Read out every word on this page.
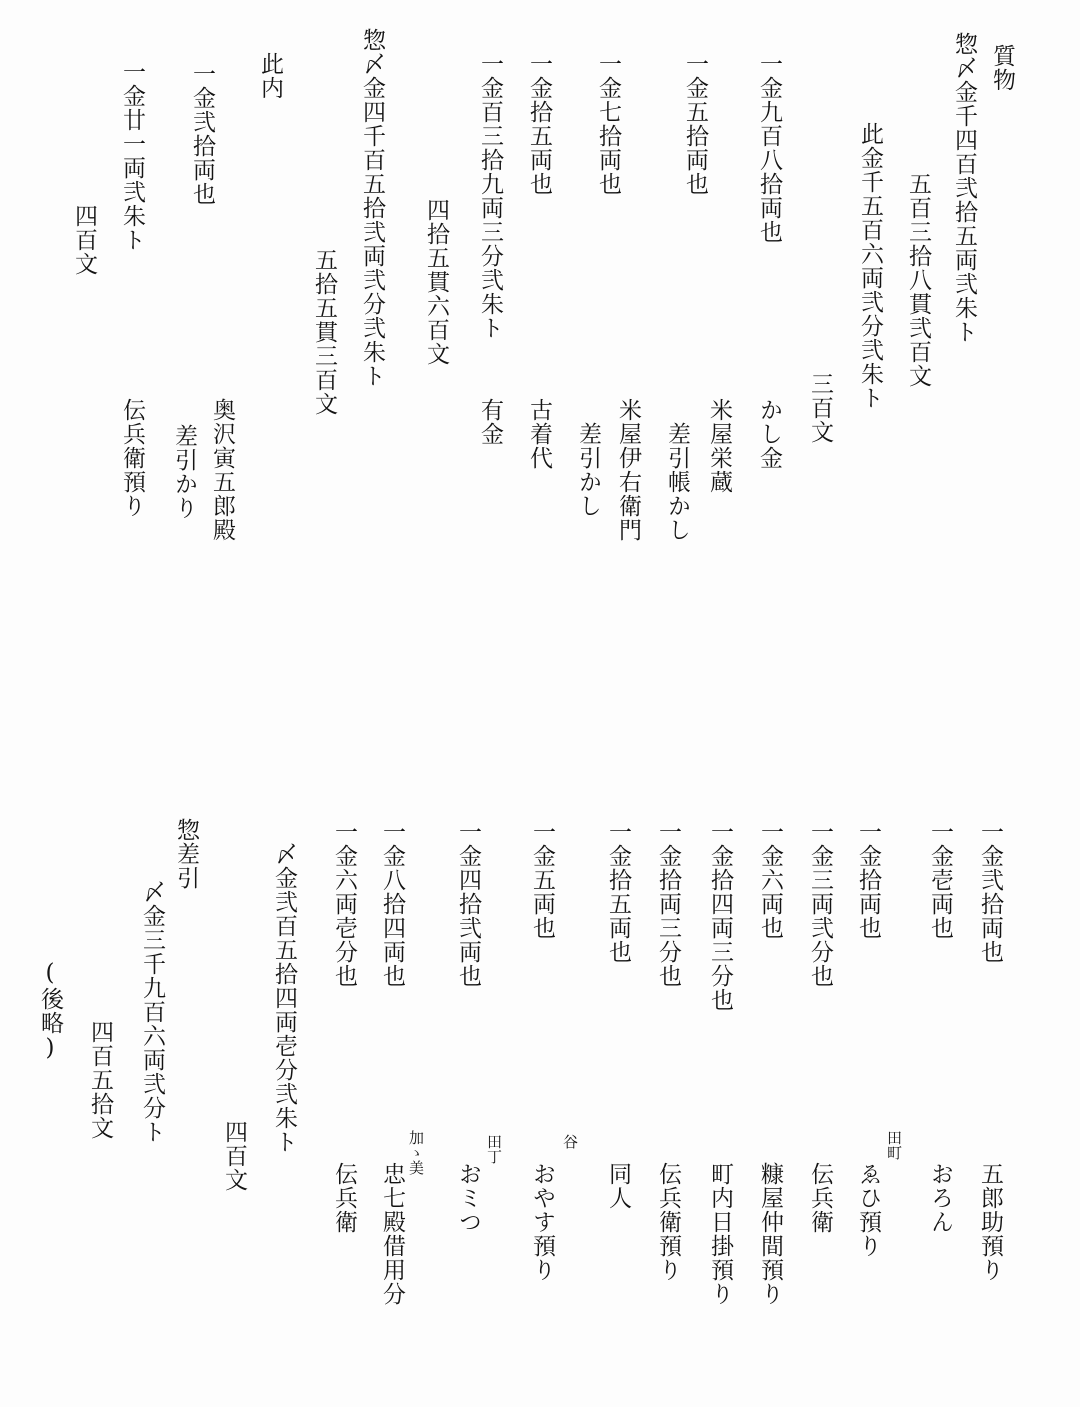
質物

惣〆金千四百弐拾五両弐朱ト

五百三拾八貫弐百文

此金千五百六両弐分弐朱ト

三百文

一金九百八拾両也

かし金

米屋栄蔵

一金五拾両也

差引帳かし

米屋伊右衛門

一金七拾両也

差引かし

一金拾五両也

古着代

一金百三拾九両三分弐朱ト

有金

四拾五貫六百文

惣〆金四千百五拾弐両弐分弐朱ト

五拾五貫三百文

此内

一金弐拾両也

奥沢寅五郎殿

差引かり

一金廿一両弐朱ト

伝兵衛預り

四百文

一金弐拾両也

五郎助預り

一金壱両也

おろん

一金拾両也

田町

ゑひ預り

一金三両弐分也

伝兵衛

一金六両也

糠屋仲間預り

一金拾四両三分也

町内日掛預り

一金拾両三分也

伝兵衛預り

一金拾五両也

同人

一金五両也

谷

おやす預り

一金四拾弐両也

田丁

おミつ

一金八拾四両也

加ゝ美

忠七殿借用分

一金六両壱分也

伝兵衛

〆金弐百五拾四両壱分弐朱ト

四百文

惣差引

〆金三千九百六両弐分ト

四百五拾文

(後略)
